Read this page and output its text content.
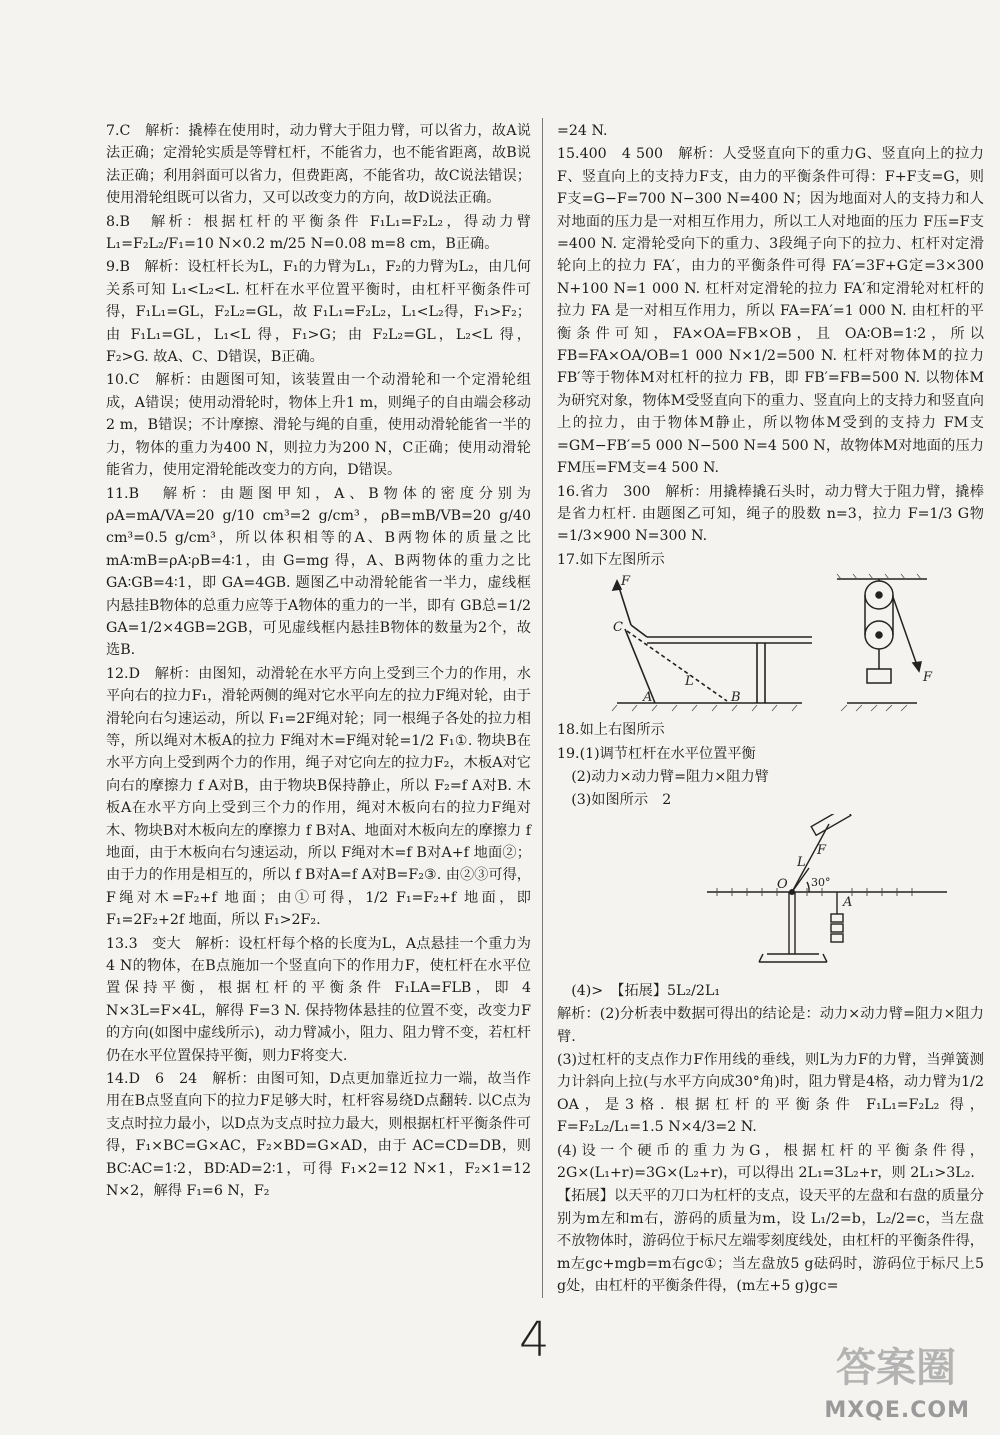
7.C　解析：撬棒在使用时，动力臂大于阻力臂，可以省力，故A说法正确；定滑轮实质是等臂杠杆，不能省力，也不能省距离，故B说法正确；利用斜面可以省力，但费距离，不能省功，故C说法错误；使用滑轮组既可以省力，又可以改变力的方向，故D说法正确。

8.B　解析：根据杠杆的平衡条件 F₁L₁=F₂L₂，得动力臂 L₁=F₂L₂/F₁=10 N×0.2 m/25 N=0.08 m=8 cm，B正确。

9.B　解析：设杠杆长为L，F₁的力臂为L₁，F₂的力臂为L₂，由几何关系可知 L₁<L₂<L. 杠杆在水平位置平衡时，由杠杆平衡条件可得，F₁L₁=GL，F₂L₂=GL，故 F₁L₁=F₂L₂，L₁<L₂得，F₁>F₂；由 F₁L₁=GL，L₁<L 得，F₁>G；由 F₂L₂=GL，L₂<L 得，F₂>G. 故A、C、D错误，B正确。

10.C　解析：由题图可知，该装置由一个动滑轮和一个定滑轮组成，A错误；使用动滑轮时，物体上升1 m，则绳子的自由端会移动2 m，B错误；不计摩擦、滑轮与绳的自重，使用动滑轮能省一半的力，物体的重力为400 N，则拉力为200 N，C正确；使用动滑轮能省力，使用定滑轮能改变力的方向，D错误。

11.B　解析：由题图甲知，A、B物体的密度分别为 ρA=mA/VA=20 g/10 cm³=2 g/cm³，ρB=mB/VB=20 g/40 cm³=0.5 g/cm³，所以体积相等的A、B两物体的质量之比 mA∶mB=ρA∶ρB=4∶1，由 G=mg 得，A、B两物体的重力之比 GA∶GB=4∶1，即 GA=4GB. 题图乙中动滑轮能省一半力，虚线框内悬挂B物体的总重力应等于A物体的重力的一半，即有 GB总=1/2 GA=1/2×4GB=2GB，可见虚线框内悬挂B物体的数量为2个，故选B.

12.D　解析：由图知，动滑轮在水平方向上受到三个力的作用，水平向右的拉力F₁，滑轮两侧的绳对它水平向左的拉力F绳对轮，由于滑轮向右匀速运动，所以 F₁=2F绳对轮；同一根绳子各处的拉力相等，所以绳对木板A的拉力 F绳对木=F绳对轮=1/2 F₁①. 物块B在水平方向上受到两个力的作用，绳子对它向左的拉力F₂，木板A对它向右的摩擦力 f A对B，由于物块B保持静止，所以 F₂=f A对B. 木板A在水平方向上受到三个力的作用，绳对木板向右的拉力F绳对木、物块B对木板向左的摩擦力 f B对A、地面对木板向左的摩擦力 f 地面，由于木板向右匀速运动，所以 F绳对木=f B对A+f 地面②；由于力的作用是相互的，所以 f B对A=f A对B=F₂③. 由②③可得，F绳对木=F₂+f 地面；由①可得，1/2 F₁=F₂+f 地面，即 F₁=2F₂+2f 地面，所以 F₁>2F₂.

13.3　变大　解析：设杠杆每个格的长度为L，A点悬挂一个重力为4 N的物体，在B点施加一个竖直向下的作用力F，使杠杆在水平位置保持平衡，根据杠杆的平衡条件 F₁LA=FLB，即 4 N×3L=F×4L，解得 F=3 N. 保持物体悬挂的位置不变，改变力F的方向(如图中虚线所示)，动力臂减小，阻力、阻力臂不变，若杠杆仍在水平位置保持平衡，则力F将变大.

14.D　6　24　解析：由图可知，D点更加靠近拉力一端，故当作用在B点竖直向下的拉力F足够大时，杠杆容易绕D点翻转. 以C点为支点时拉力最小，以D点为支点时拉力最大，则根据杠杆平衡条件可得，F₁×BC=G×AC，F₂×BD=G×AD，由于 AC=CD=DB，则 BC∶AC=1∶2，BD∶AD=2∶1，可得 F₁×2=12 N×1，F₂×1=12 N×2，解得 F₁=6 N，F₂

=24 N.

15.400　4 500　解析：人受竖直向下的重力G、竖直向上的拉力F、竖直向上的支持力F支，由力的平衡条件可得：F+F支=G，则 F支=G−F=700 N−300 N=400 N；因为地面对人的支持力和人对地面的压力是一对相互作用力，所以工人对地面的压力 F压=F支=400 N. 定滑轮受向下的重力、3段绳子向下的拉力、杠杆对定滑轮向上的拉力 FA′，由力的平衡条件可得 FA′=3F+G定=3×300 N+100 N=1 000 N. 杠杆对定滑轮的拉力 FA′和定滑轮对杠杆的拉力 FA 是一对相互作用力，所以 FA=FA′=1 000 N. 由杠杆的平衡条件可知，FA×OA=FB×OB，且 OA∶OB=1∶2，所以 FB=FA×OA/OB=1 000 N×1/2=500 N. 杠杆对物体M的拉力 FB′等于物体M对杠杆的拉力 FB，即 FB′=FB=500 N. 以物体M为研究对象，物体M受竖直向下的重力、竖直向上的支持力和竖直向上的拉力，由于物体M静止，所以物体M受到的支持力 FM支=GM−FB′=5 000 N−500 N=4 500 N，故物体M对地面的压力 FM压=FM支=4 500 N.

16.省力　300　解析：用撬棒撬石头时，动力臂大于阻力臂，撬棒是省力杠杆. 由题图乙可知，绳子的股数 n=3，拉力 F=1/3 G物=1/3×900 N=300 N.

17.如下左图所示

F
C
A
L
B
F

18.如上右图所示

19.(1)调节杠杆在水平位置平衡

　(2)动力×动力臂=阻力×阻力臂

　(3)如图所示　2

O
L
F
30°
A

　(4)>　【拓展】5L₂/2L₁

解析：(2)分析表中数据可得出的结论是：动力×动力臂=阻力×阻力臂.

(3)过杠杆的支点作力F作用线的垂线，则L为力F的力臂，当弹簧测力计斜向上拉(与水平方向成30°角)时，阻力臂是4格，动力臂为1/2 OA，是3格. 根据杠杆的平衡条件 F₁L₁=F₂L₂ 得，F=F₂L₂/L₁=1.5 N×4/3=2 N.

(4)设一个硬币的重力为G，根据杠杆的平衡条件得，2G×(L₁+r)=3G×(L₂+r)，可以得出 2L₁=3L₂+r，则 2L₁>3L₂.

【拓展】以天平的刀口为杠杆的支点，设天平的左盘和右盘的质量分别为m左和m右，游码的质量为m，设 L₁/2=b，L₂/2=c，当左盘不放物体时，游码位于标尺左端零刻度线处，由杠杆的平衡条件得，m左gc+mgb=m右gc①；当左盘放5 g砝码时，游码位于标尺上5 g处，由杠杆的平衡条件得，(m左+5 g)gc=

4	答案圈
MXQE.COM
